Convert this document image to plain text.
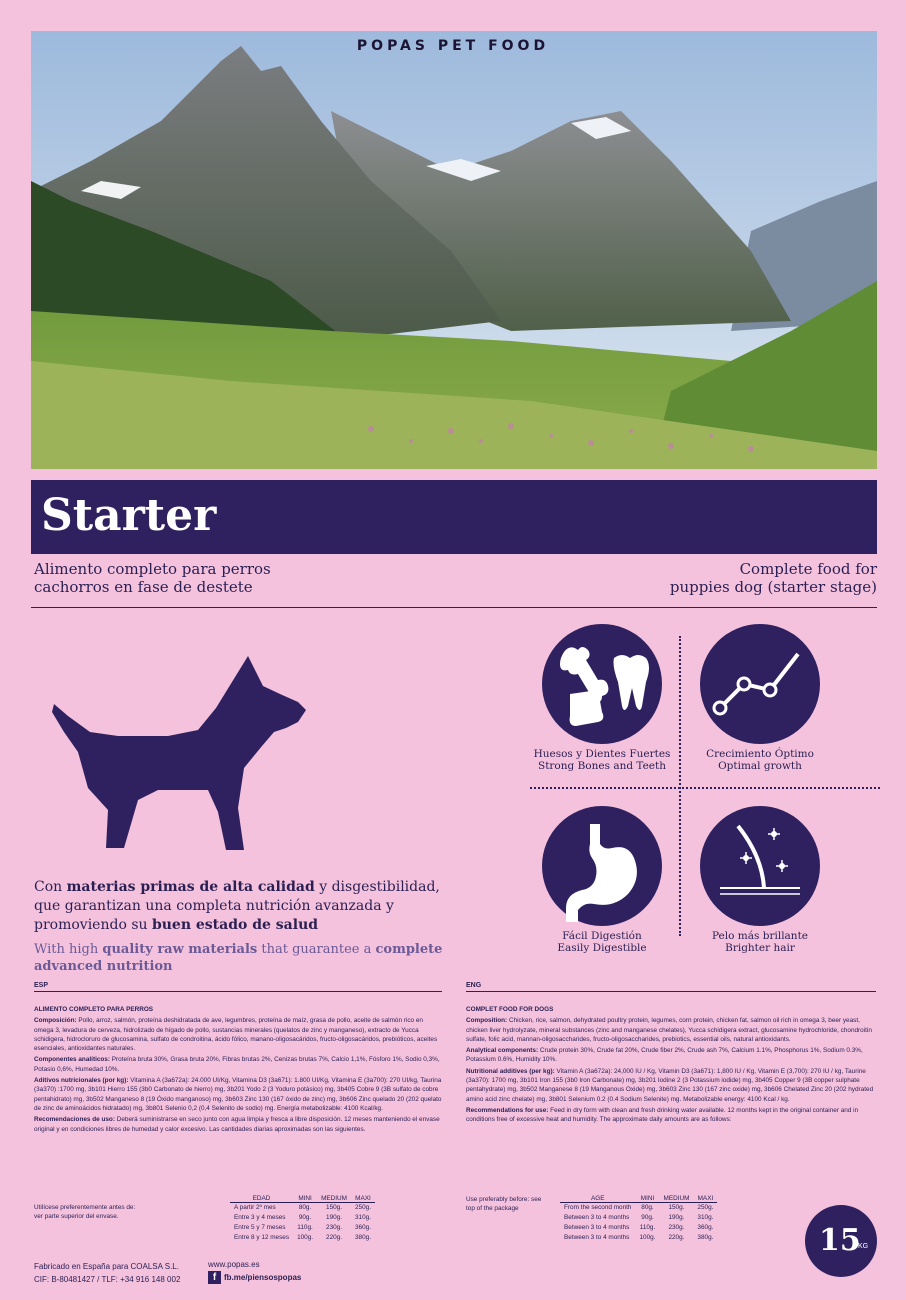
POPAS PET FOOD
Starter
Alimento completo para perros
cachorros en fase de destete
Complete food for
puppies dog (starter stage)
Con materias primas de alta calidad y disgestibilidad, que garantizan una completa nutrición avanzada y promoviendo su buen estado de salud
With high quality raw materials that guarantee a complete advanced nutrition
Huesos y Dientes Fuertes
Strong Bones and Teeth
Crecimiento Óptimo
Optimal growth
Fácil Digestión
Easily Digestible
Pelo más brillante
Brighter hair
ESP	ENG

ALIMENTO COMPLETO PARA PERROS

Composición: Pollo, arroz, salmón, proteína deshidratada de ave, legumbres, proteína de maíz, grasa de pollo, aceite de salmón rico en omega 3, levadura de cerveza, hidrolizado de hígado de pollo, sustancias minerales (quelatos de zinc y manganeso), extracto de Yucca schidigera, hidrocloruro de glucosamina, sulfato de condroitina, ácido fólico, manano-oligosacáridos, fructo-oligosacáridos, prebióticos, aceites esenciales, antioxidantes naturales.

Componentes analíticos: Proteína bruta 30%, Grasa bruta 20%, Fibras brutas 2%, Cenizas brutas 7%, Calcio 1,1%, Fósforo 1%, Sodio 0,3%, Potasio 0,6%, Humedad 10%.

Aditivos nutricionales (por kg): Vitamina A (3a672a): 24.000 UI/Kg, Vitamina D3 (3a671): 1.800 UI/Kg, Vitamina E (3a700): 270 UI/kg, Taurina (3a370) :1700 mg, 3b101 Hierro 155 (3b0 Carbonato de hierro) mg, 3b201 Yodo 2 (3 Yoduro potásico) mg, 3b405 Cobre 9 (3B sulfato de cobre pentahidrato) mg, 3b502 Manganeso 8 (19 Óxido manganoso) mg, 3b603 Zinc 130 (167 óxido de zinc) mg, 3b606 Zinc quelado 20 (202 quelato de zinc de aminoácidos hidratado) mg, 3b801 Selenio 0,2 (0,4 Selenito de sodio) mg. Energía metabolizable: 4100 Kcal/kg.

Recomendaciones de uso: Deberá suministrarse en seco junto con agua limpia y fresca a libre disposición. 12 meses manteniendo el envase original y en condiciones libres de humedad y calor excesivo. Las cantidades diarias aproximadas son las siguientes.

Utilícese preferentemente antes de: ver parte superior del envase.
EDAD	MINI	MEDIUM	MAXI
A partir 2º mes	80g.	150g.	250g.
Entre 3 y 4 meses	90g.	190g.	310g.
Entre 5 y 7 meses	110g.	230g.	360g.
Entre 8 y 12 meses	100g.	220g.	380g.

COMPLET FOOD FOR DOGS

Composition: Chicken, rice, salmon, dehydrated poultry protein, legumes, corn protein, chicken fat, salmon oil rich in omega 3, beer yeast, chicken liver hydrolyzate, mineral substances (zinc and manganese chelates), Yucca schidigera extract, glucosamine hydrochloride, chondroitin sulfate, folic acid, mannan-oligosaccharides, fructo-oligosaccharides, prebiotics, essential oils, natural antioxidants.

Analytical components: Crude protein 30%, Crude fat 20%, Crude fiber 2%, Crude ash 7%, Calcium 1.1%, Phosphorus 1%, Sodium 0.3%, Potassium 0.6%, Humidity 10%.

Nutritional additives (per kg): Vitamin A (3a672a): 24,000 IU / Kg, Vitamin D3 (3a671): 1,800 IU / Kg, Vitamin E (3,700): 270 IU / kg, Taurine (3a370): 1700 mg, 3b101 Iron 155 (3b0 Iron Carbonate) mg, 3b201 Iodine 2 (3 Potassium iodide) mg, 3b405 Copper 9 (3B copper sulphate pentahydrate) mg, 3b502 Manganese 8 (19 Manganous Oxide) mg, 3b603 Zinc 130 (167 zinc oxide) mg, 3b606 Chelated Zinc 20 (202 hydrated amino acid zinc chelate) mg, 3b801 Selenium 0.2 (0.4 Sodium Selenite) mg. Metabolizable energy: 4100 Kcal / kg.

Recommendations for use: Feed in dry form with clean and fresh drinking water available. 12 months kept in the original container and in conditions free of excessive heat and humidity. The approximate daily amounts are as follows:

Use preferably before: see top of the package
AGE	MINI	MEDIUM	MAXI
From the second month	80g.	150g.	250g.
Between 3 to 4 months	90g.	190g.	310g.
Between 3 to 4 months	110g.	230g.	360g.
Between 3 to 4 months	100g.	220g.	380g.
Fabricado en España para COALSA S.L.
CIF: B-80481427 / TLF: +34 916 148 002
www.popas.es
f fb.me/piensospopas
15
KG
